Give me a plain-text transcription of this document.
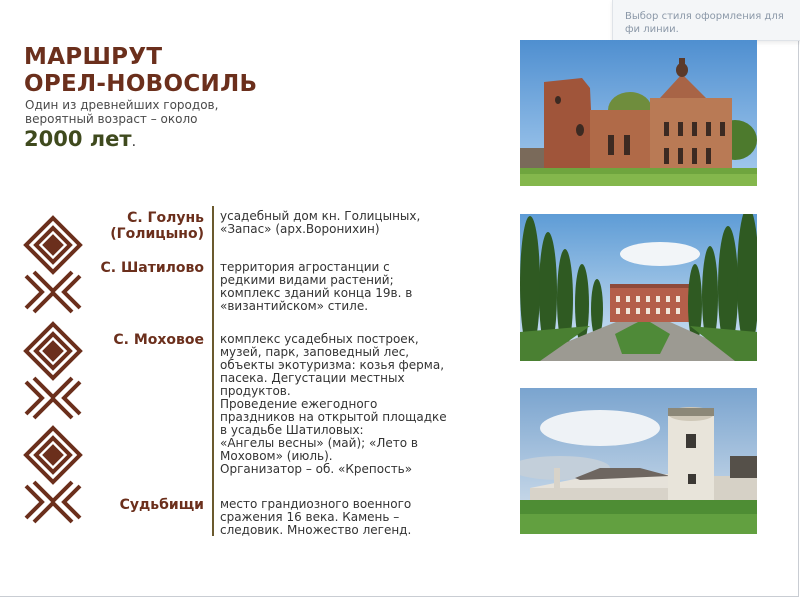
Выбор стиля оформления для фи линии.
МАРШРУТ
ОРЕЛ-НОВОСИЛЬ
Один из древнейших городов,
вероятный возраст – около
2000 лет.
С. Голунь
(Голицыно)
С. Шатилово
С. Моховое
Судьбищи
усадебный дом кн. Голицыных,
«Запас» (арх.Воронихин)
территория агростанции с
редкими видами растений;
комплекс зданий конца 19в. в
«византийском» стиле.
комплекс усадебных построек,
музей, парк, заповедный лес,
объекты экотуризма: козья ферма,
пасека. Дегустации местных
продуктов.
Проведение ежегодного
праздников на открытой площадке
в усадьбе Шатиловых:
«Ангелы весны» (май); «Лето в
Моховом» (июль).
Организатор – об. «Крепость»
место грандиозного военного
сражения 16 века. Камень –
следовик. Множество легенд.
